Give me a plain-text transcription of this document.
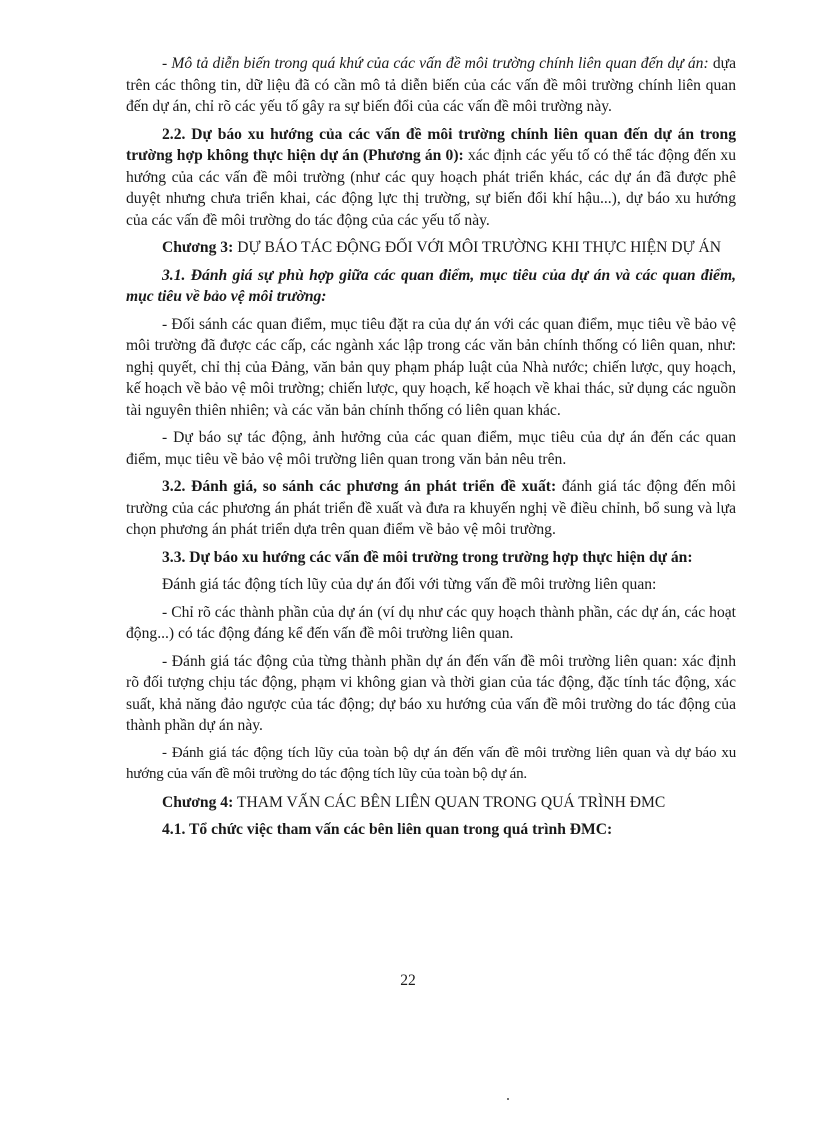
- Mô tả diễn biến trong quá khứ của các vấn đề môi trường chính liên quan đến dự án: dựa trên các thông tin, dữ liệu đã có cần mô tả diễn biến của các vấn đề môi trường chính liên quan đến dự án, chỉ rõ các yếu tố gây ra sự biến đổi của các vấn đề môi trường này.

2.2. Dự báo xu hướng của các vấn đề môi trường chính liên quan đến dự án trong trường hợp không thực hiện dự án (Phương án 0): xác định các yếu tố có thể tác động đến xu hướng của các vấn đề môi trường (như các quy hoạch phát triển khác, các dự án đã được phê duyệt nhưng chưa triển khai, các động lực thị trường, sự biến đổi khí hậu...), dự báo xu hướng của các vấn đề môi trường do tác động của các yếu tố này.

Chương 3: DỰ BÁO TÁC ĐỘNG ĐỐI VỚI MÔI TRƯỜNG KHI THỰC HIỆN DỰ ÁN

3.1. Đánh giá sự phù hợp giữa các quan điểm, mục tiêu của dự án và các quan điểm, mục tiêu về bảo vệ môi trường:

- Đối sánh các quan điểm, mục tiêu đặt ra của dự án với các quan điểm, mục tiêu về bảo vệ môi trường đã được các cấp, các ngành xác lập trong các văn bản chính thống có liên quan, như: nghị quyết, chỉ thị của Đảng, văn bản quy phạm pháp luật của Nhà nước; chiến lược, quy hoạch, kế hoạch về bảo vệ môi trường; chiến lược, quy hoạch, kế hoạch về khai thác, sử dụng các nguồn tài nguyên thiên nhiên; và các văn bản chính thống có liên quan khác.

- Dự báo sự tác động, ảnh hưởng của các quan điểm, mục tiêu của dự án đến các quan điểm, mục tiêu về bảo vệ môi trường liên quan trong văn bản nêu trên.

3.2. Đánh giá, so sánh các phương án phát triển đề xuất: đánh giá tác động đến môi trường của các phương án phát triển đề xuất và đưa ra khuyến nghị về điều chỉnh, bổ sung và lựa chọn phương án phát triển dựa trên quan điểm về bảo vệ môi trường.

3.3. Dự báo xu hướng các vấn đề môi trường trong trường hợp thực hiện dự án:

Đánh giá tác động tích lũy của dự án đối với từng vấn đề môi trường liên quan:

- Chỉ rõ các thành phần của dự án (ví dụ như các quy hoạch thành phần, các dự án, các hoạt động...) có tác động đáng kể đến vấn đề môi trường liên quan.

- Đánh giá tác động của từng thành phần dự án đến vấn đề môi trường liên quan: xác định rõ đối tượng chịu tác động, phạm vi không gian và thời gian của tác động, đặc tính tác động, xác suất, khả năng đảo ngược của tác động; dự báo xu hướng của vấn đề môi trường do tác động của thành phần dự án này.

- Đánh giá tác động tích lũy của toàn bộ dự án đến vấn đề môi trường liên quan và dự báo xu hướng của vấn đề môi trường do tác động tích lũy của toàn bộ dự án.

Chương 4: THAM VẤN CÁC BÊN LIÊN QUAN TRONG QUÁ TRÌNH ĐMC

4.1. Tổ chức việc tham vấn các bên liên quan trong quá trình ĐMC:

22
